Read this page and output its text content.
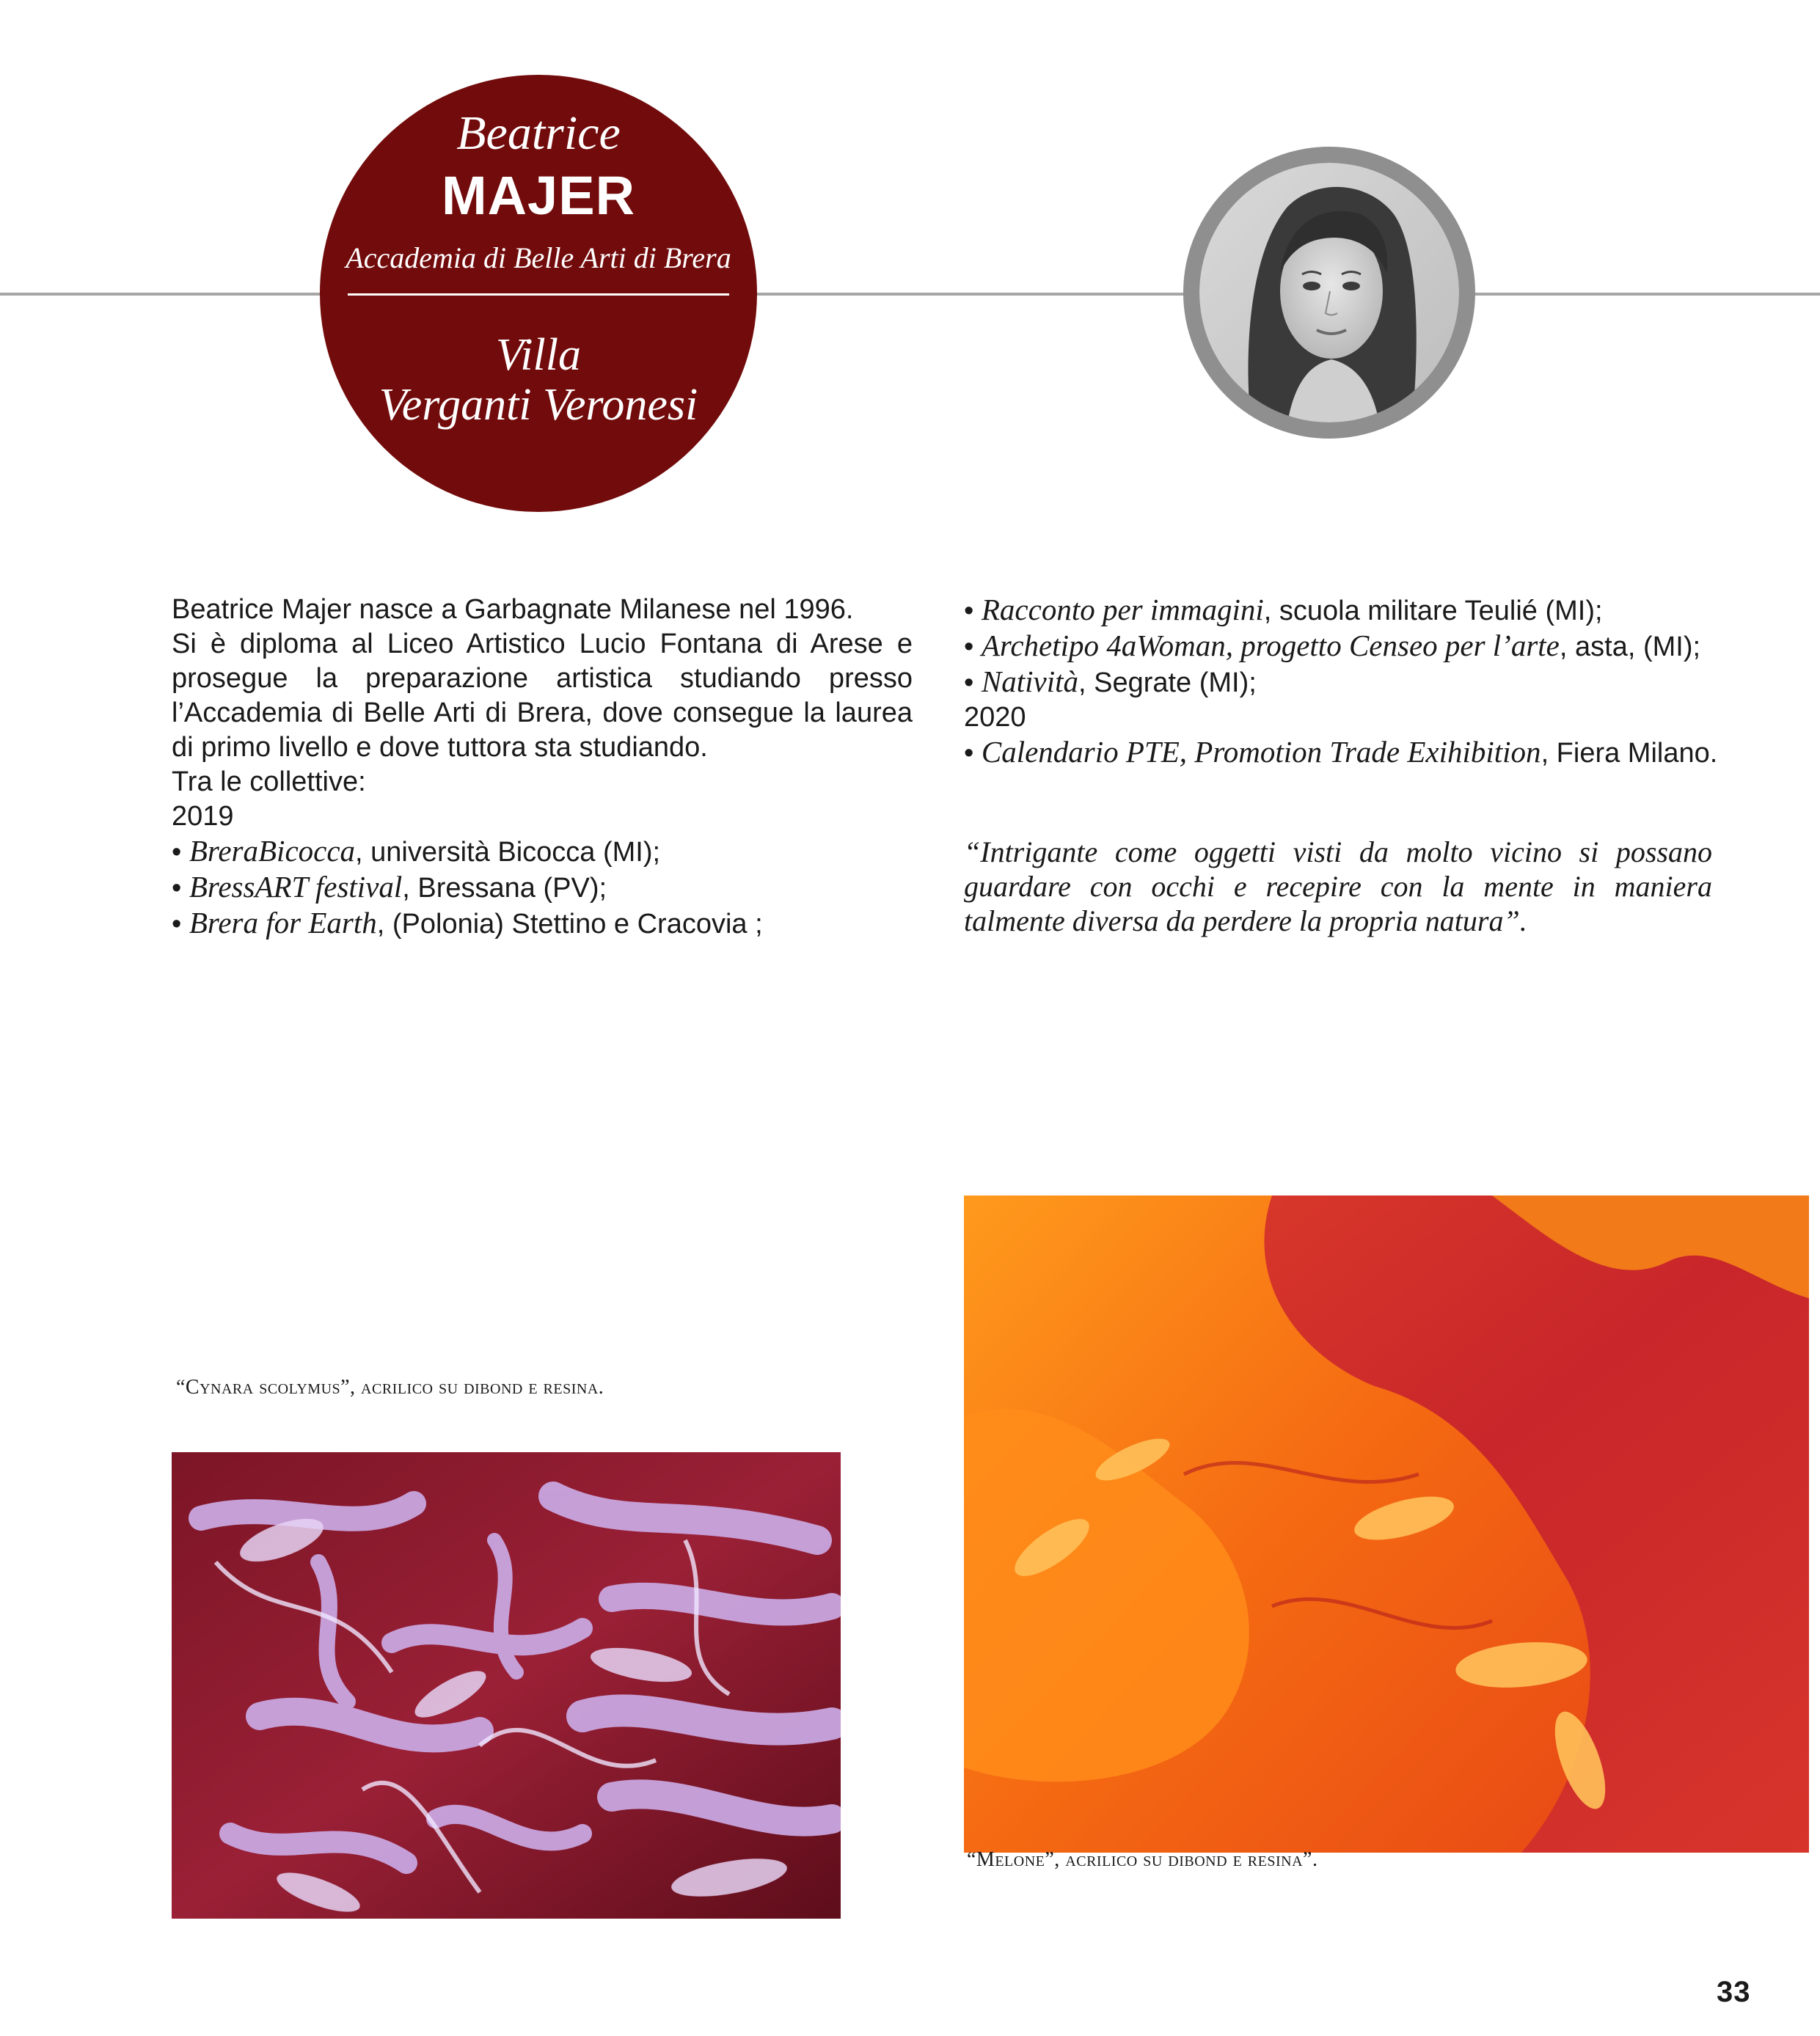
Beatrice
MAJER
Accademia di Belle Arti di Brera
Villa
Verganti Veronesi

Beatrice Majer nasce a Garbagnate Milanese nel 1996.

Si è diploma al Liceo Artistico Lucio Fontana di Arese e prosegue la preparazione artistica studiando presso l’Accademia di Belle Arti di Brera, dove consegue la laurea di primo livello e dove tuttora sta studiando.

Tra le collettive:

2019

• BreraBicocca, università Bicocca (MI);

• BressART festival, Bressana (PV);

• Brera for Earth, (Polonia) Stettino e Cracovia ;

• Racconto per immagini, scuola militare Teulié (MI);

• Archetipo 4aWoman, progetto Censeo per l’arte, asta, (MI);

• Natività, Segrate (MI);

2020

• Calendario PTE, Promotion Trade Exihibition, Fiera Milano.

“Intrigante come oggetti visti da molto vicino si possano guardare con occhi e recepire con la mente in maniera talmente diversa da perdere la propria natura”.
“Cynara scolymus”, acrilico su dibond e resina.
“Melone”, acrilico su dibond e resina”.
33
